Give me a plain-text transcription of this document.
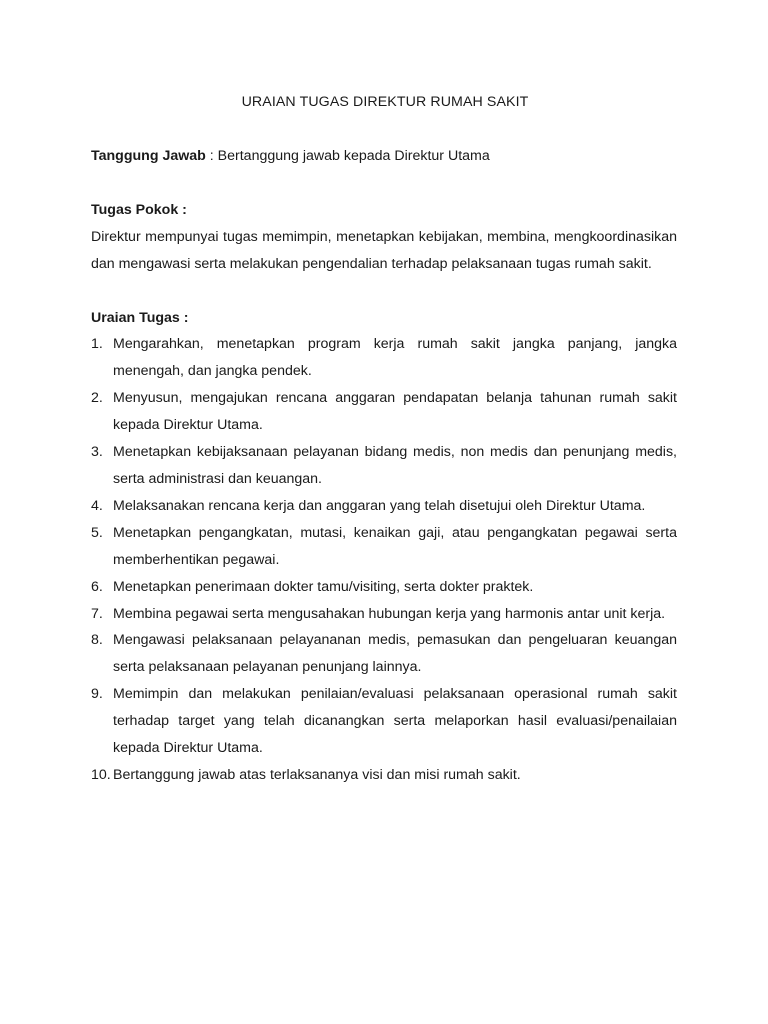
URAIAN TUGAS DIREKTUR RUMAH SAKIT

Tanggung Jawab : Bertanggung jawab kepada Direktur Utama

Tugas Pokok :

Direktur mempunyai tugas memimpin, menetapkan kebijakan, membina, mengkoordinasikan dan mengawasi serta melakukan pengendalian terhadap pelaksanaan tugas rumah sakit.

Uraian Tugas :

1. Mengarahkan, menetapkan program kerja rumah sakit jangka panjang, jangka menengah, dan jangka pendek.
2. Menyusun, mengajukan rencana anggaran pendapatan belanja tahunan rumah sakit kepada Direktur Utama.
3. Menetapkan kebijaksanaan pelayanan bidang medis, non medis dan penunjang medis, serta administrasi dan keuangan.
4. Melaksanakan rencana kerja dan anggaran yang telah disetujui oleh Direktur Utama.
5. Menetapkan pengangkatan, mutasi, kenaikan gaji, atau pengangkatan pegawai serta memberhentikan pegawai.
6. Menetapkan penerimaan dokter tamu/visiting, serta dokter praktek.
7. Membina pegawai serta mengusahakan hubungan kerja yang harmonis antar unit kerja.
8. Mengawasi pelaksanaan pelayananan medis, pemasukan dan pengeluaran keuangan serta pelaksanaan pelayanan penunjang lainnya.
9. Memimpin dan melakukan penilaian/evaluasi pelaksanaan operasional rumah sakit terhadap target yang telah dicanangkan serta melaporkan hasil evaluasi/penailaian kepada Direktur Utama.
10. Bertanggung jawab atas terlaksananya visi dan misi rumah sakit.
